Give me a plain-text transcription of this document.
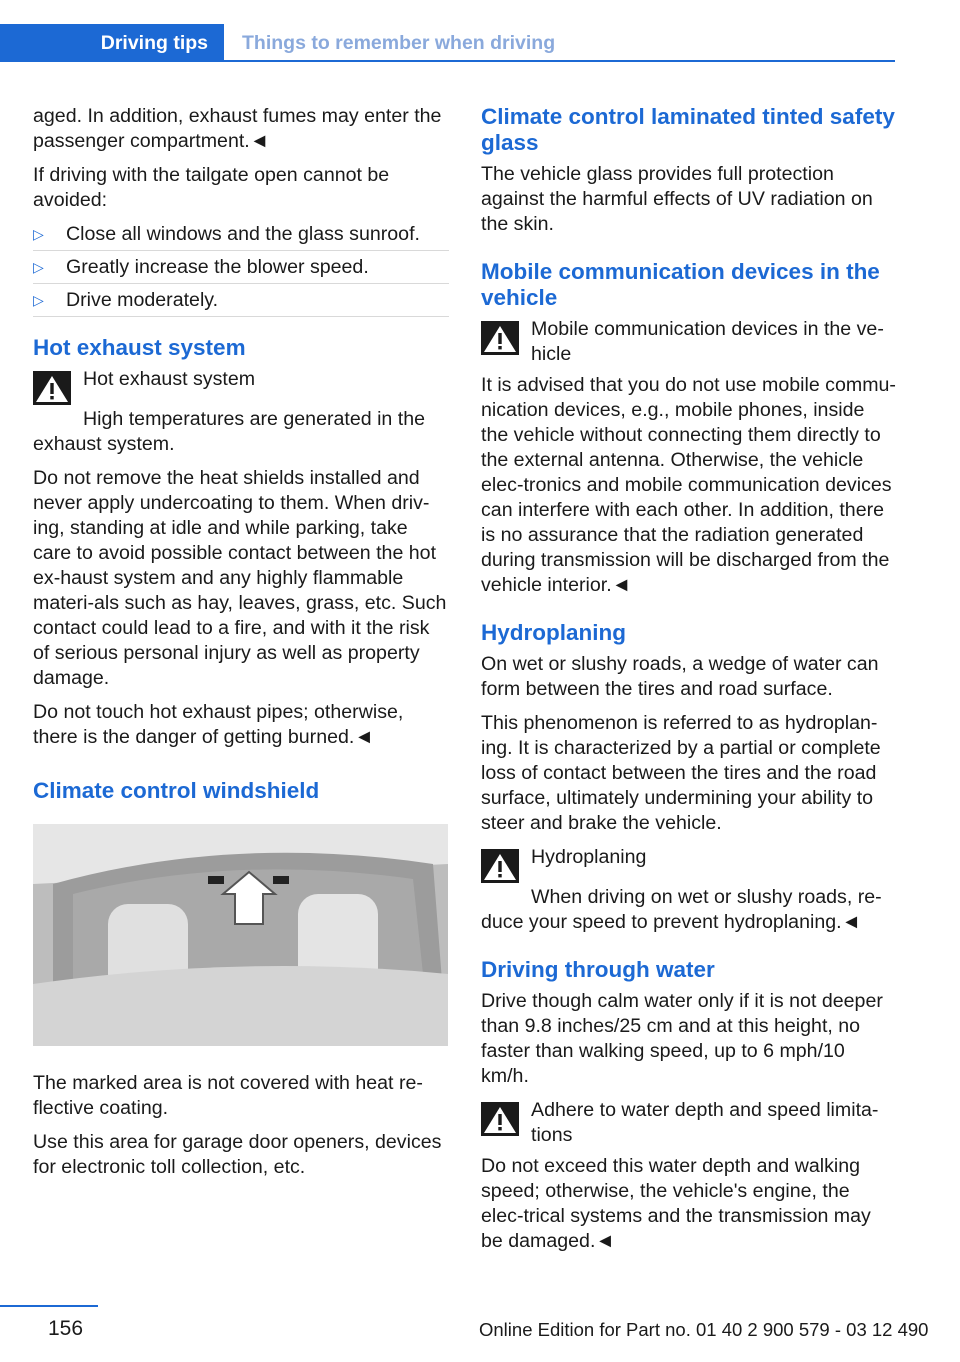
Driving tips	Things to remember when driving

aged. In addition, exhaust fumes may enter the passenger compartment.◄

If driving with the tailgate open cannot be avoided:

▷ Close all windows and the glass sunroof.
▷ Greatly increase the blower speed.
▷ Drive moderately.
Hot exhaust system

Hot exhaust system

High temperatures are generated in the exhaust system.

Do not remove the heat shields installed and never apply undercoating to them. When driv-ing, standing at idle and while parking, take care to avoid possible contact between the hot ex-haust system and any highly flammable materi-als such as hay, leaves, grass, etc. Such contact could lead to a fire, and with it the risk of serious personal injury as well as property damage.

Do not touch hot exhaust pipes; otherwise, there is the danger of getting burned.◄

Climate control windshield

The marked area is not covered with heat re-flective coating.

Use this area for garage door openers, devices for electronic toll collection, etc.

Climate control laminated tinted safety glass

The vehicle glass provides full protection against the harmful effects of UV radiation on the skin.

Mobile communication devices in the vehicle

Mobile communication devices in the ve-hicle

It is advised that you do not use mobile commu-nication devices, e.g., mobile phones, inside the vehicle without connecting them directly to the external antenna. Otherwise, the vehicle elec-tronics and mobile communication devices can interfere with each other. In addition, there is no assurance that the radiation generated during transmission will be discharged from the vehicle interior.◄

Hydroplaning

On wet or slushy roads, a wedge of water can form between the tires and road surface.

This phenomenon is referred to as hydroplan-ing. It is characterized by a partial or complete loss of contact between the tires and the road surface, ultimately undermining your ability to steer and brake the vehicle.

Hydroplaning

When driving on wet or slushy roads, re-duce your speed to prevent hydroplaning.◄

Driving through water

Drive though calm water only if it is not deeper than 9.8 inches/25 cm and at this height, no faster than walking speed, up to 6 mph/10 km/h.

Adhere to water depth and speed limita-tions

Do not exceed this water depth and walking speed; otherwise, the vehicle's engine, the elec-trical systems and the transmission may be damaged.◄

156	Online Edition for Part no. 01 40 2 900 579 - 03 12 490
